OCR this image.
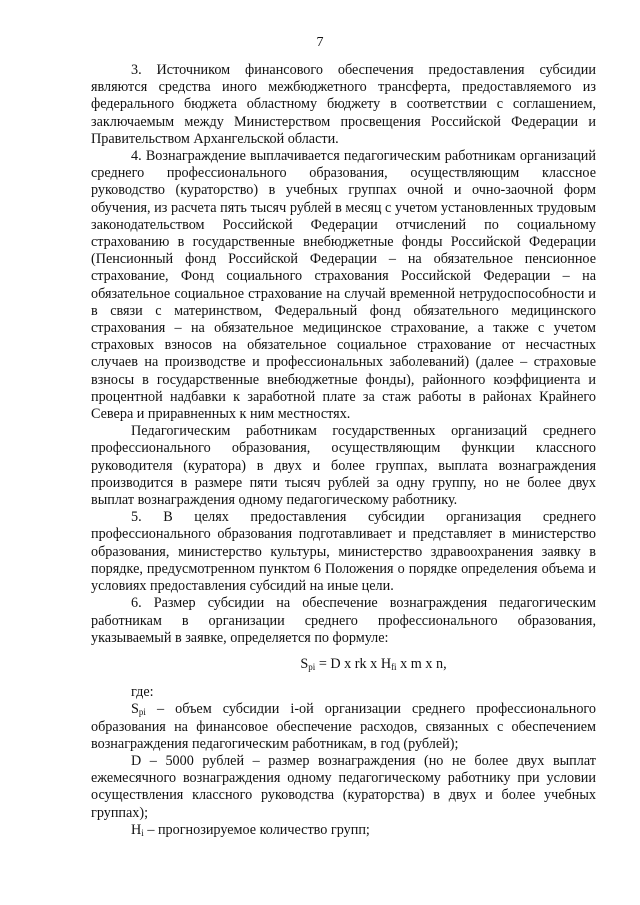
7

3. Источником финансового обеспечения предоставления субсидии являются средства иного межбюджетного трансферта, предоставляемого из федерального бюджета областному бюджету в соответствии с соглашением, заключаемым между Министерством просвещения Российской Федерации и Правительством Архангельской области.

4. Вознаграждение выплачивается педагогическим работникам организаций среднего профессионального образования, осуществляющим классное руководство (кураторство) в учебных группах очной и очно-заочной форм обучения, из расчета пять тысяч рублей в месяц с учетом установленных трудовым законодательством Российской Федерации отчислений по социальному страхованию в государственные внебюджетные фонды Российской Федерации (Пенсионный фонд Российской Федерации – на обязательное пенсионное страхование, Фонд социального страхования Российской Федерации – на обязательное социальное страхование на случай временной нетрудоспособности и в связи с материнством, Федеральный фонд обязательного медицинского страхования – на обязательное медицинское страхование, а также с учетом страховых взносов на обязательное социальное страхование от несчастных случаев на производстве и профессиональных заболеваний) (далее – страховые взносы в государственные внебюджетные фонды), районного коэффициента и процентной надбавки к заработной плате за стаж работы в районах Крайнего Севера и приравненных к ним местностях.

Педагогическим работникам государственных организаций среднего профессионального образования, осуществляющим функции классного руководителя (куратора) в двух и более группах, выплата вознаграждения производится в размере пяти тысяч рублей за одну группу, но не более двух выплат вознаграждения одному педагогическому работнику.

5. В целях предоставления субсидии организация среднего профессионального образования подготавливает и представляет в министерство образования, министерство культуры, министерство здравоохранения заявку в порядке, предусмотренном пунктом 6 Положения о порядке определения объема и условиях предоставления субсидий на иные цели.

6. Размер субсидии на обеспечение вознаграждения педагогическим работникам в организации среднего профессионального образования, указываемый в заявке, определяется по формуле:

$S_{pi} = D$ x rk x $H_{fi}$ x m x n,

где:

$S_{pi}$ – объем субсидии i-ой организации среднего профессионального образования на финансовое обеспечение расходов, связанных с обеспечением вознаграждения педагогическим работникам, в год (рублей);

D – 5000 рублей – размер вознаграждения (но не более двух выплат ежемесячного вознаграждения одному педагогическому работнику при условии осуществления классного руководства (кураторства) в двух и более учебных группах);

$H_i$ – прогнозируемое количество групп;
